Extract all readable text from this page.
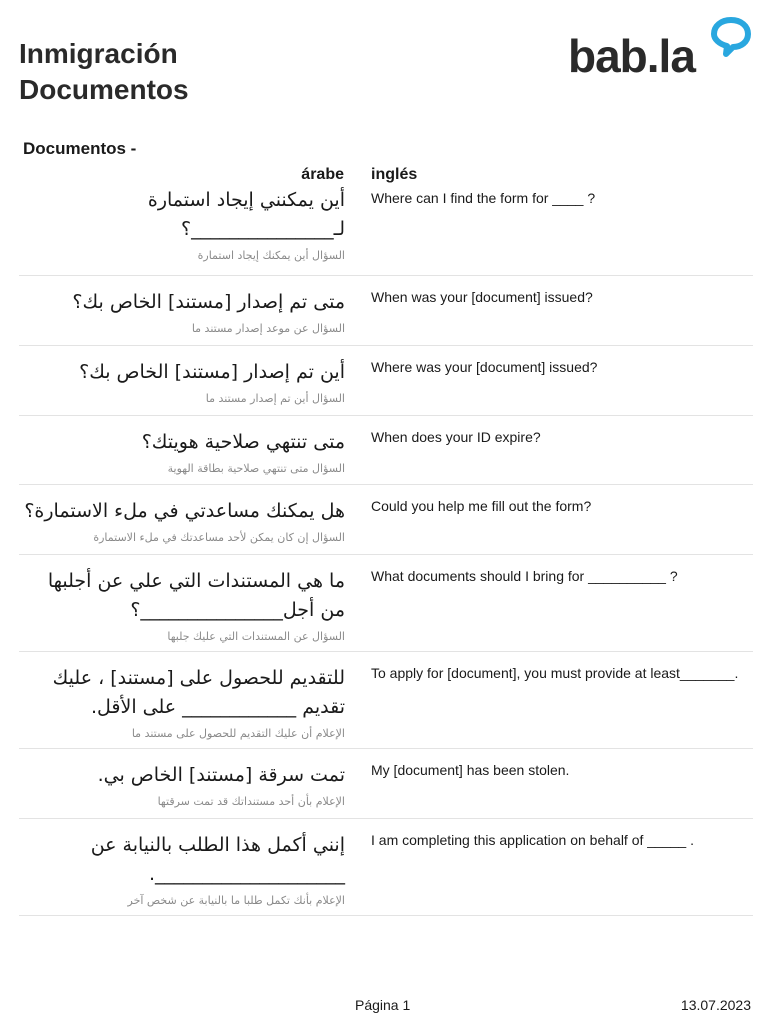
Inmigración
Documentos
bab.la
Documentos -
árabe inglés
أين يمكنني إيجاد استمارة لـ_______________؟
السؤال أين يمكنك إيجاد استمارة
Where can I find the form for ____ ?
متى تم إصدار [مستند] الخاص بك؟
السؤال عن موعد إصدار مستند ما
When was your [document] issued?
أين تم إصدار [مستند] الخاص بك؟
السؤال أين تم إصدار مستند ما
Where was your [document] issued?
متى تنتهي صلاحية هويتك؟
السؤال متى تنتهي صلاحية بطاقة الهوية
When does your ID expire?
هل يمكنك مساعدتي في ملء الاستمارة؟
السؤال إن كان يمكن لأحد مساعدتك في ملء الاستمارة
Could you help me fill out the form?
ما هي المستندات التي علي عن أجلبها من أجل_______________؟
السؤال عن المستندات التي عليك جلبها
What documents should I bring for __________ ?
للتقديم للحصول على [مستند] ، عليك تقديم ____________ على الأقل.
الإعلام أن عليك التقديم للحصول على مستند ما
To apply for [document], you must provide at least_______.
تمت سرقة [مستند] الخاص بي.
الإعلام بأن أحد مستنداتك قد تمت سرقتها
My [document] has been stolen.
إنني أكمل هذا الطلب بالنيابة عن ____________________.
الإعلام بأنك تكمل طلبا ما بالنيابة عن شخص آخر
I am completing this application on behalf of _____ .
Página 1	13.07.2023
